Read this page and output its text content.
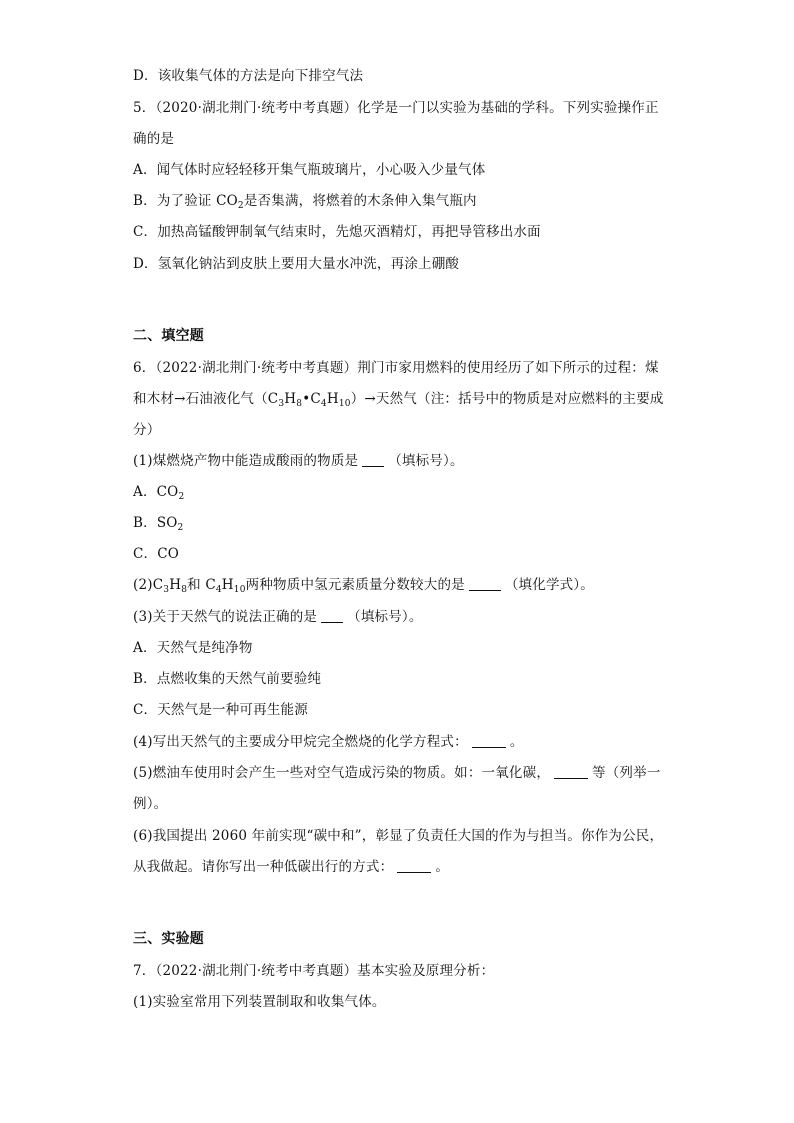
D．该收集气体的方法是向下排空气法
5．（2020·湖北荆门·统考中考真题）化学是一门以实验为基础的学科。下列实验操作正
确的是
A．闻气体时应轻轻移开集气瓶玻璃片，小心吸入少量气体
B．为了验证 $CO_2$是否集满，将燃着的木条伸入集气瓶内
C．加热高锰酸钾制氧气结束时，先熄灭酒精灯，再把导管移出水面
D．氢氧化钠沾到皮肤上要用大量水冲洗，再涂上硼酸
二、填空题
6．（2022·湖北荆门·统考中考真题）荆门市家用燃料的使用经历了如下所示的过程：煤
和木材→石油液化气$(C_3H_8•C_4H_{10})\to$天然气（注：括号中的物质是对应燃料的主要成
分）
(1)煤燃烧产物中能造成酸雨的物质是 （填标号）。
A．$CO_2$
B．$SO_2$
C．CO
$(2)C_3H_8$和 $C_4H_{10}$两种物质中氢元素质量分数较大的是	（填化学式）。
(3)关于天然气的说法正确的是 （填标号）。
A．天然气是纯净物
B．点燃收集的天然气前要验纯
C．天然气是一种可再生能源
(4)写出天然气的主要成分甲烷完全燃烧的化学方程式：	。
(5)燃油车使用时会产生一些对空气造成污染的物质。如：一氧化碳，	等（列举一
例）。
(6)我国提出 2060 年前实现“碳中和”，彰显了负责任大国的作为与担当。你作为公民，
从我做起。请你写出一种低碳出行的方式：	。
三、实验题
7．（2022·湖北荆门·统考中考真题）基本实验及原理分析：
(1)实验室常用下列装置制取和收集气体。
